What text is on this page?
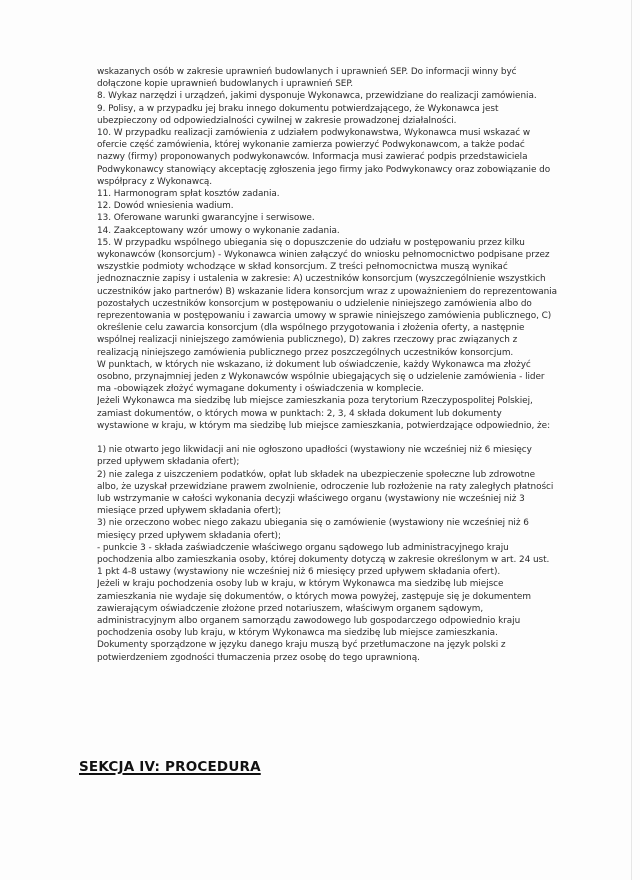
wskazanych osób w zakresie uprawnień budowlanych i uprawnień SEP. Do informacji winny być
dołączone kopie uprawnień budowlanych i uprawnień SEP.
8. Wykaz narzędzi i urządzeń, jakimi dysponuje Wykonawca, przewidziane do realizacji zamówienia.
9. Polisy, a w przypadku jej braku innego dokumentu potwierdzającego, że Wykonawca jest
ubezpieczony od odpowiedzialności cywilnej w zakresie prowadzonej działalności.
10. W przypadku realizacji zamówienia z udziałem podwykonawstwa, Wykonawca musi wskazać w
ofercie część zamówienia, której wykonanie zamierza powierzyć Podwykonawcom, a także podać
nazwy (firmy) proponowanych podwykonawców. Informacja musi zawierać podpis przedstawiciela
Podwykonawcy stanowiący akceptację zgłoszenia jego firmy jako Podwykonawcy oraz zobowiązanie do
współpracy z Wykonawcą.
11. Harmonogram spłat kosztów zadania.
12. Dowód wniesienia wadium.
13. Oferowane warunki gwarancyjne i serwisowe.
14. Zaakceptowany wzór umowy o wykonanie zadania.
15. W przypadku wspólnego ubiegania się o dopuszczenie do udziału w postępowaniu przez kilku
wykonawców (konsorcjum) - Wykonawca winien załączyć do wniosku pełnomocnictwo podpisane przez
wszystkie podmioty wchodzące w skład konsorcjum. Z treści pełnomocnictwa muszą wynikać
jednoznacznie zapisy i ustalenia w zakresie: A) uczestników konsorcjum (wyszczególnienie wszystkich
uczestników jako partnerów) B) wskazanie lidera konsorcjum wraz z upoważnieniem do reprezentowania
pozostałych uczestników konsorcjum w postępowaniu o udzielenie niniejszego zamówienia albo do
reprezentowania w postępowaniu i zawarcia umowy w sprawie niniejszego zamówienia publicznego, C)
określenie celu zawarcia konsorcjum (dla wspólnego przygotowania i złożenia oferty, a następnie
wspólnej realizacji niniejszego zamówienia publicznego), D) zakres rzeczowy prac związanych z
realizacją niniejszego zamówienia publicznego przez poszczególnych uczestników konsorcjum.
W punktach, w których nie wskazano, iż dokument lub oświadczenie, każdy Wykonawca ma złożyć
osobno, przynajmniej jeden z Wykonawców wspólnie ubiegających się o udzielenie zamówienia - lider
ma -obowiązek złożyć wymagane dokumenty i oświadczenia w komplecie.
Jeżeli Wykonawca ma siedzibę lub miejsce zamieszkania poza terytorium Rzeczypospolitej Polskiej,
zamiast dokumentów, o których mowa w punktach: 2, 3, 4 składa dokument lub dokumenty
wystawione w kraju, w którym ma siedzibę lub miejsce zamieszkania, potwierdzające odpowiednio, że:
1) nie otwarto jego likwidacji ani nie ogłoszono upadłości (wystawiony nie wcześniej niż 6 miesięcy
przed upływem składania ofert);
2) nie zalega z uiszczeniem podatków, opłat lub składek na ubezpieczenie społeczne lub zdrowotne
albo, że uzyskał przewidziane prawem zwolnienie, odroczenie lub rozłożenie na raty zaległych płatności
lub wstrzymanie w całości wykonania decyzji właściwego organu (wystawiony nie wcześniej niż 3
miesiące przed upływem składania ofert);
3) nie orzeczono wobec niego zakazu ubiegania się o zamówienie (wystawiony nie wcześniej niż 6
miesięcy przed upływem składania ofert);
- punkcie 3 - składa zaświadczenie właściwego organu sądowego lub administracyjnego kraju
pochodzenia albo zamieszkania osoby, której dokumenty dotyczą w zakresie określonym w art. 24 ust.
1 pkt 4-8 ustawy (wystawiony nie wcześniej niż 6 miesięcy przed upływem składania ofert).
Jeżeli w kraju pochodzenia osoby lub w kraju, w którym Wykonawca ma siedzibę lub miejsce
zamieszkania nie wydaje się dokumentów, o których mowa powyżej, zastępuje się je dokumentem
zawierającym oświadczenie złożone przed notariuszem, właściwym organem sądowym,
administracyjnym albo organem samorządu zawodowego lub gospodarczego odpowiednio kraju
pochodzenia osoby lub kraju, w którym Wykonawca ma siedzibę lub miejsce zamieszkania.
Dokumenty sporządzone w języku danego kraju muszą być przetłumaczone na język polski z
potwierdzeniem zgodności tłumaczenia przez osobę do tego uprawnioną.
SEKCJA IV: PROCEDURA
